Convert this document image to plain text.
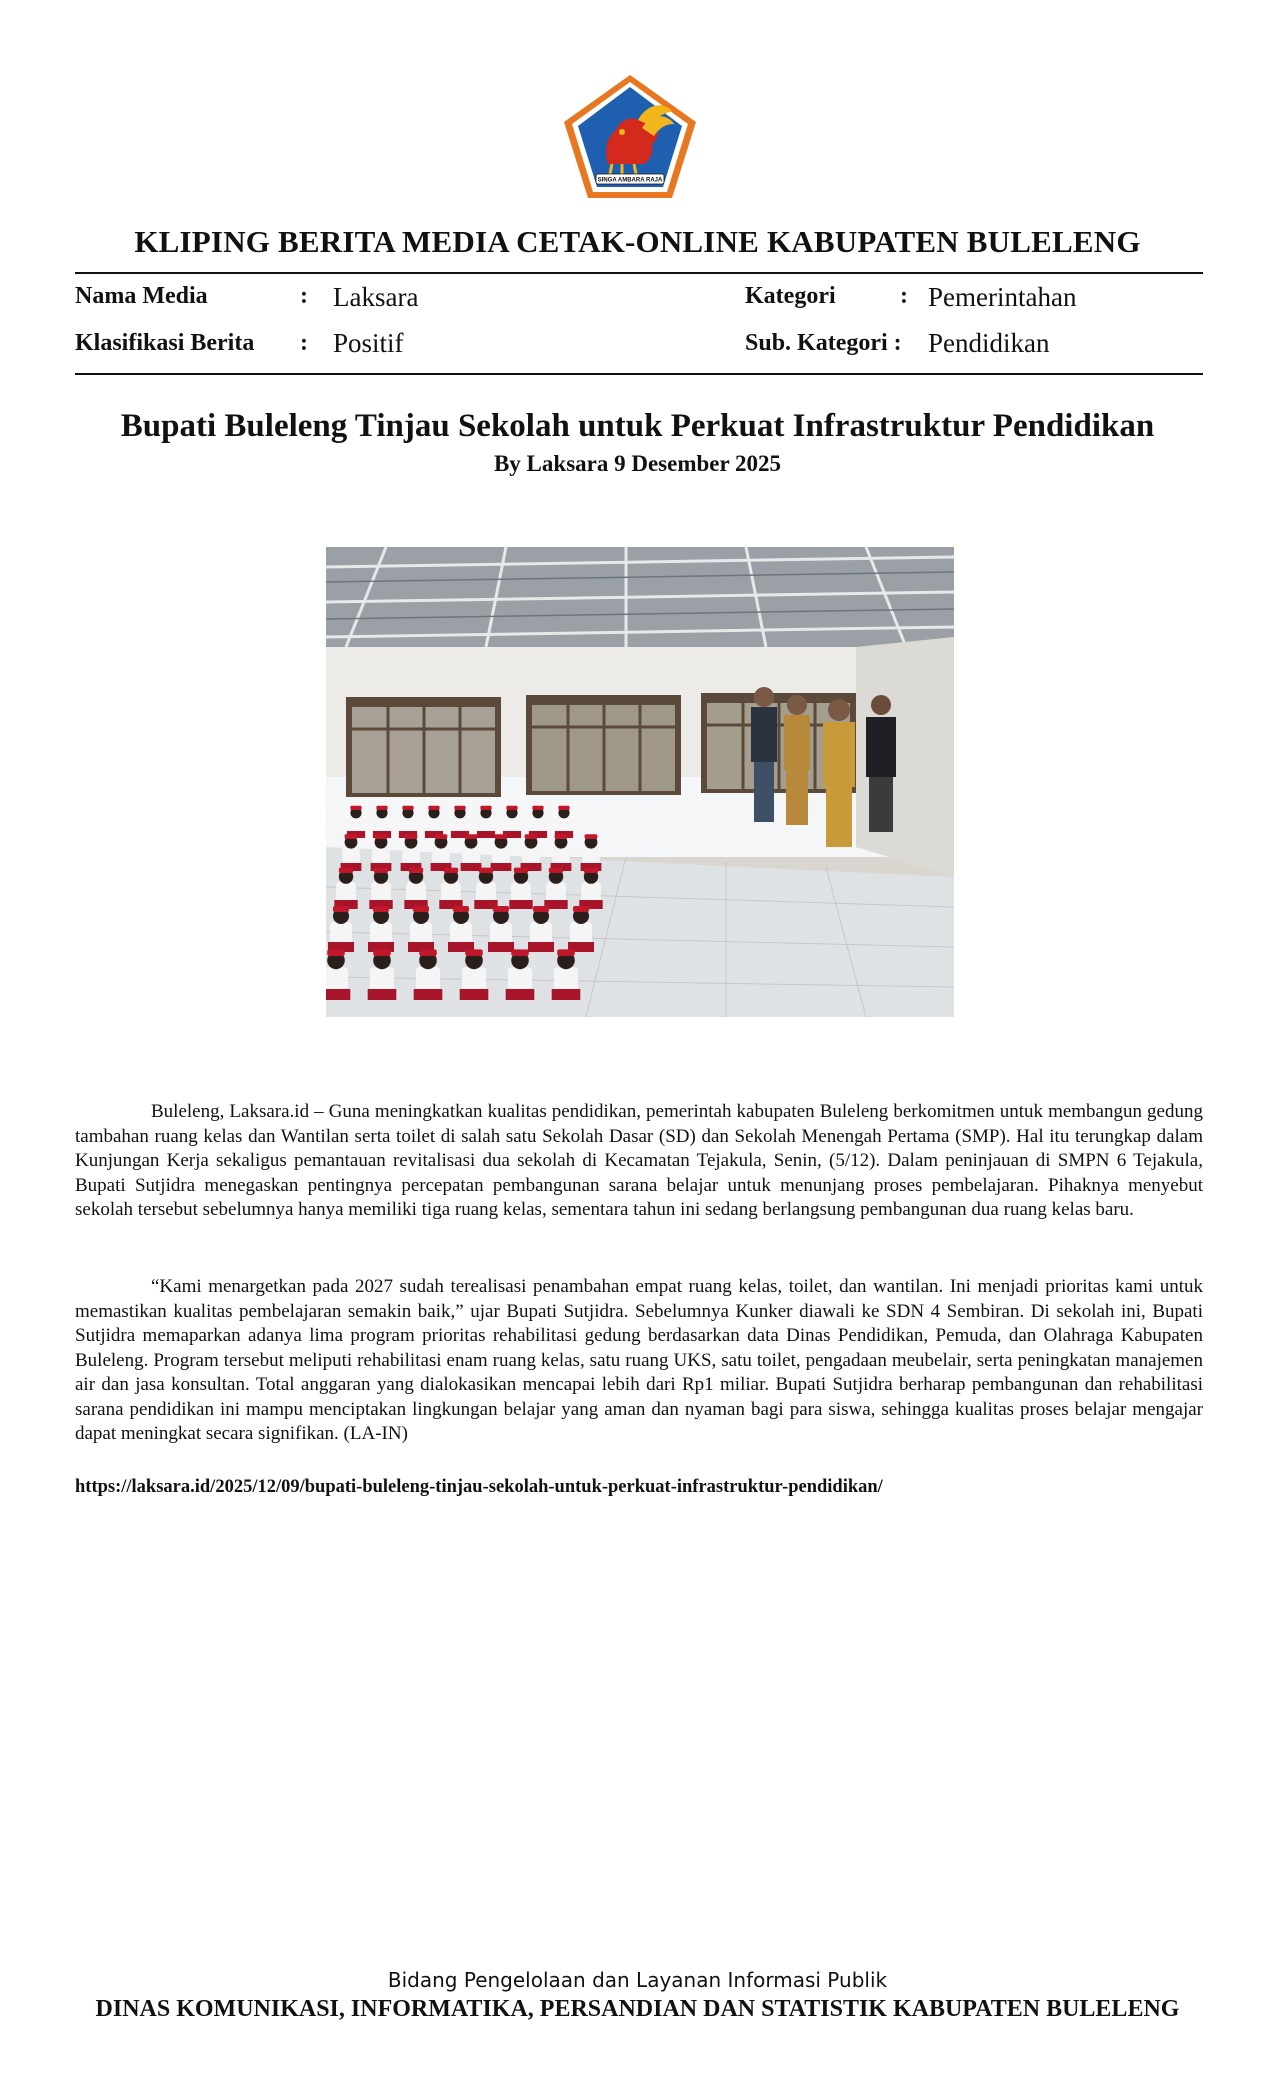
SINGA AMBARA RAJA
KLIPING BERITA MEDIA CETAK-ONLINE KABUPATEN BULELENG
Nama Media	: Laksara
Klasifikasi Berita : Positif
Kategori	: Pemerintahan
Sub. Kategori : Pendidikan
Bupati Buleleng Tinjau Sekolah untuk Perkuat Infrastruktur Pendidikan
By Laksara 9 Desember 2025

Buleleng, Laksara.id – Guna meningkatkan kualitas pendidikan, pemerintah kabupaten Buleleng berkomitmen untuk membangun gedung tambahan ruang kelas dan Wantilan serta toilet di salah satu Sekolah Dasar (SD) dan Sekolah Menengah Pertama (SMP). Hal itu terungkap dalam Kunjungan Kerja sekaligus pemantauan revitalisasi dua sekolah di Kecamatan Tejakula, Senin, (5/12). Dalam peninjauan di SMPN 6 Tejakula, Bupati Sutjidra menegaskan pentingnya percepatan pembangunan sarana belajar untuk menunjang proses pembelajaran. Pihaknya menyebut sekolah tersebut sebelumnya hanya memiliki tiga ruang kelas, sementara tahun ini sedang berlangsung pembangunan dua ruang kelas baru.

“Kami menargetkan pada 2027 sudah terealisasi penambahan empat ruang kelas, toilet, dan wantilan. Ini menjadi prioritas kami untuk memastikan kualitas pembelajaran semakin baik,” ujar Bupati Sutjidra. Sebelumnya Kunker diawali ke SDN 4 Sembiran. Di sekolah ini, Bupati Sutjidra memaparkan adanya lima program prioritas rehabilitasi gedung berdasarkan data Dinas Pendidikan, Pemuda, dan Olahraga Kabupaten Buleleng. Program tersebut meliputi rehabilitasi enam ruang kelas, satu ruang UKS, satu toilet, pengadaan meubelair, serta peningkatan manajemen air dan jasa konsultan. Total anggaran yang dialokasikan mencapai lebih dari Rp1 miliar. Bupati Sutjidra berharap pembangunan dan rehabilitasi sarana pendidikan ini mampu menciptakan lingkungan belajar yang aman dan nyaman bagi para siswa, sehingga kualitas proses belajar mengajar dapat meningkat secara signifikan. (LA-IN)

https://laksara.id/2025/12/09/bupati-buleleng-tinjau-sekolah-untuk-perkuat-infrastruktur-pendidikan/
Bidang Pengelolaan dan Layanan Informasi Publik
DINAS KOMUNIKASI, INFORMATIKA, PERSANDIAN DAN STATISTIK KABUPATEN BULELENG
